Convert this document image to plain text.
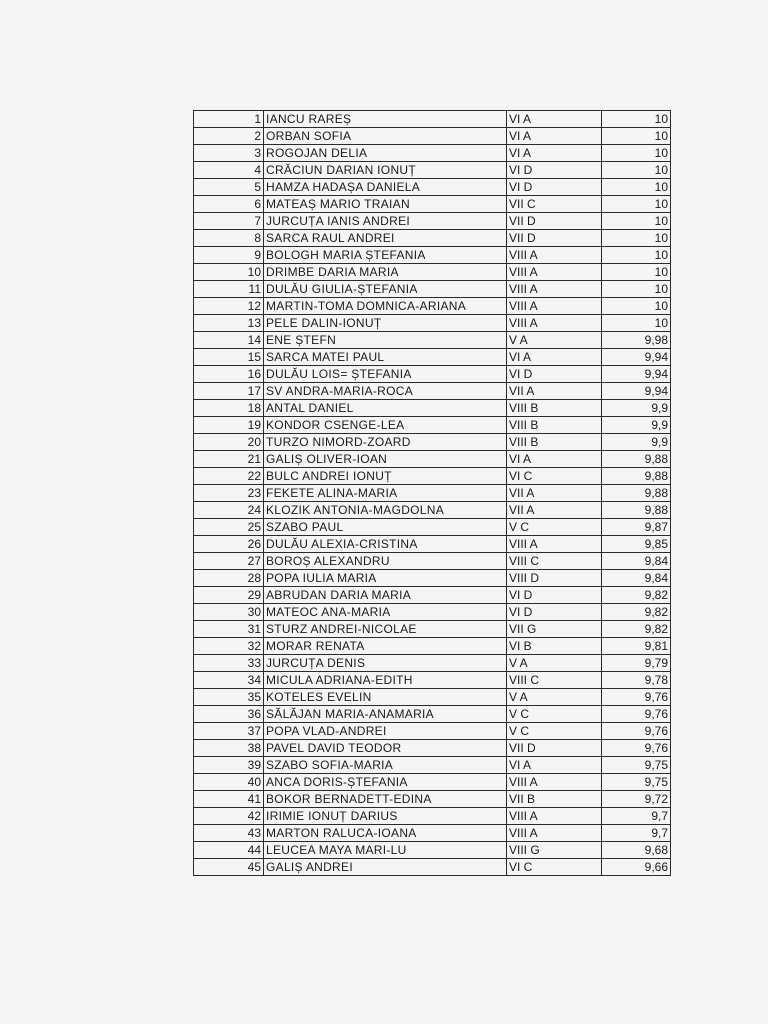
1	IANCU RAREȘ	VI A	10
2	ORBAN SOFIA	VI A	10
3	ROGOJAN DELIA	VI A	10
4	CRĂCIUN DARIAN IONUȚ	VI D	10
5	HAMZA HADAȘA DANIELA	VI D	10
6	MATEAȘ MARIO TRAIAN	VII C	10
7	JURCUȚA IANIS ANDREI	VII D	10
8	SARCA RAUL ANDREI	VII D	10
9	BOLOGH MARIA ȘTEFANIA	VIII A	10
10	DRIMBE DARIA MARIA	VIII A	10
11	DULĂU GIULIA-ȘTEFANIA	VIII A	10
12	MARTIN-TOMA DOMNICA-ARIANA	VIII A	10
13	PELE DALIN-IONUȚ	VIII A	10
14	ENE ȘTEFN	V A	9,98
15	SARCA MATEI PAUL	VI A	9,94
16	DULĂU LOIS= ȘTEFANIA	VI D	9,94
17	SV ANDRA-MARIA-ROCA	VII A	9,94
18	ANTAL DANIEL	VIII B	9,9
19	KONDOR CSENGE-LEA	VIII B	9,9
20	TURZO NIMORD-ZOARD	VIII B	9,9
21	GALIȘ OLIVER-IOAN	VI A	9,88
22	BULC ANDREI IONUȚ	VI C	9,88
23	FEKETE ALINA-MARIA	VII A	9,88
24	KLOZIK ANTONIA-MAGDOLNA	VII A	9,88
25	SZABO PAUL	V C	9,87
26	DULĂU ALEXIA-CRISTINA	VIII A	9,85
27	BOROȘ ALEXANDRU	VIII C	9,84
28	POPA IULIA MARIA	VIII D	9,84
29	ABRUDAN DARIA MARIA	VI D	9,82
30	MATEOC ANA-MARIA	VI D	9,82
31	STURZ ANDREI-NICOLAE	VII G	9,82
32	MORAR RENATA	VI B	9,81
33	JURCUȚA DENIS	V A	9,79
34	MICULA ADRIANA-EDITH	VIII C	9,78
35	KOTELES EVELIN	V A	9,76
36	SĂLĂJAN MARIA-ANAMARIA	V C	9,76
37	POPA VLAD-ANDREI	V C	9,76
38	PAVEL DAVID TEODOR	VII D	9,76
39	SZABO SOFIA-MARIA	VI A	9,75
40	ANCA DORIS-ȘTEFANIA	VIII A	9,75
41	BOKOR BERNADETT-EDINA	VII B	9,72
42	IRIMIE IONUȚ DARIUS	VIII A	9,7
43	MARTON RALUCA-IOANA	VIII A	9,7
44	LEUCEA MAYA MARI-LU	VIII G	9,68
45	GALIȘ ANDREI	VI C	9,66
